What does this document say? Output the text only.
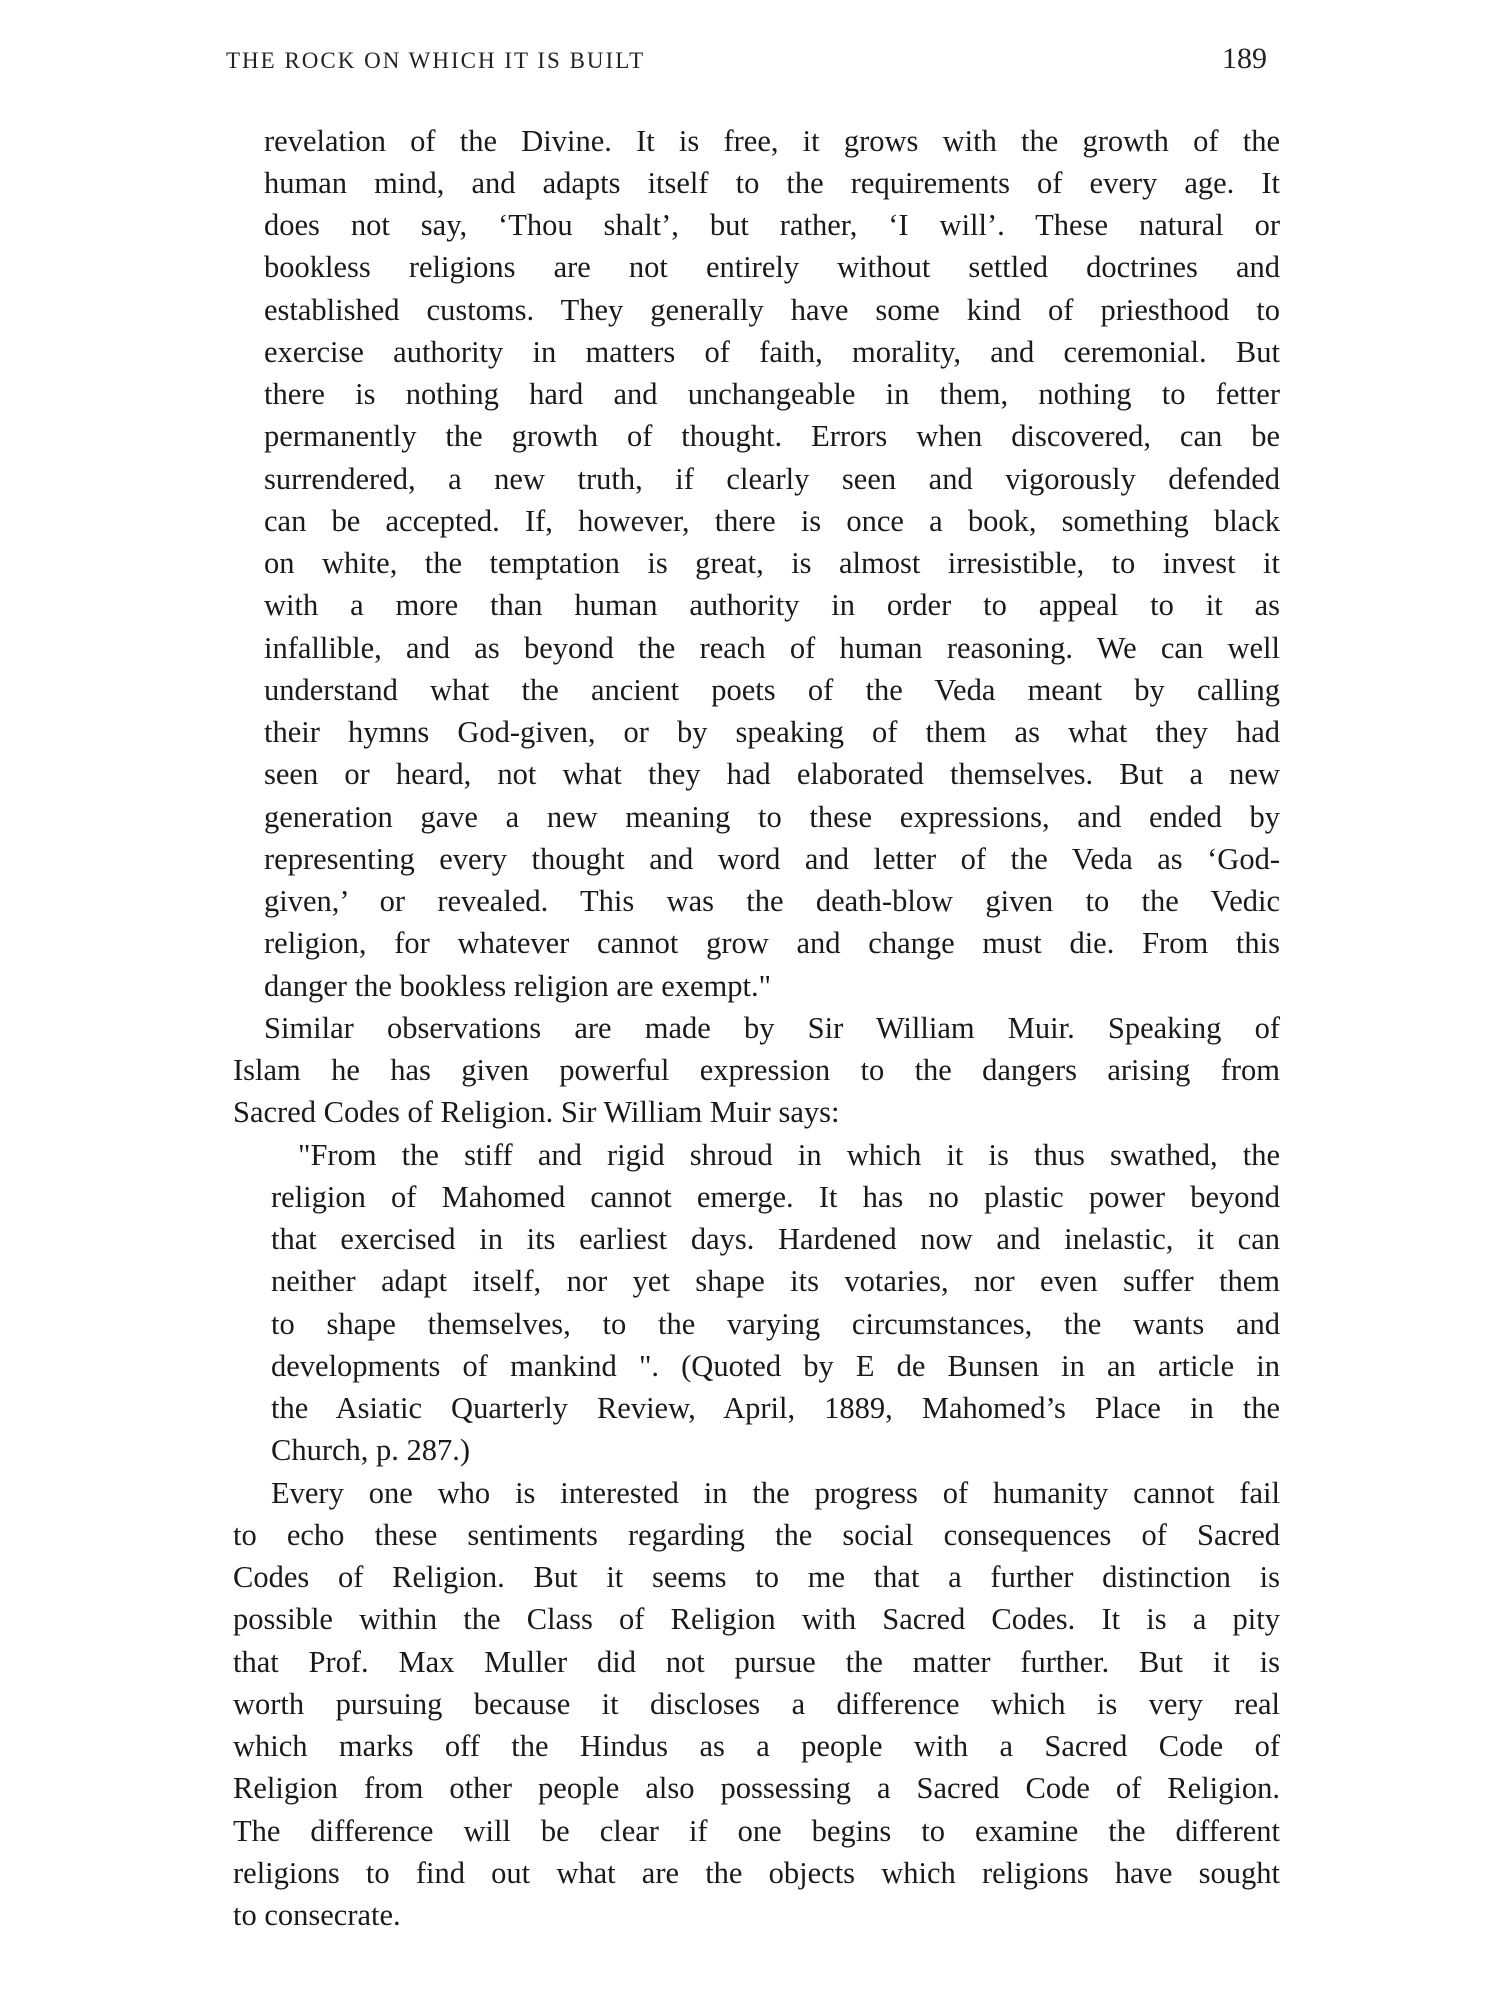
THE ROCK ON WHICH IT IS BUILT	189
revelation of the Divine. It is free, it grows with the growth of the
human mind, and adapts itself to the requirements of every age. It
does not say, ‘Thou shalt’, but rather, ‘I will’. These natural or
bookless religions are not entirely without settled doctrines and
established customs. They generally have some kind of priesthood to
exercise authority in matters of faith, morality, and ceremonial. But
there is nothing hard and unchangeable in them, nothing to fetter
permanently the growth of thought. Errors when discovered, can be
surrendered, a new truth, if clearly seen and vigorously defended
can be accepted. If, however, there is once a book, something black
on white, the temptation is great, is almost irresistible, to invest it
with a more than human authority in order to appeal to it as
infallible, and as beyond the reach of human reasoning. We can well
understand what the ancient poets of the Veda meant by calling
their hymns God-given, or by speaking of them as what they had
seen or heard, not what they had elaborated themselves. But a new
generation gave a new meaning to these expressions, and ended by
representing every thought and word and letter of the Veda as ‘God-
given,’ or revealed. This was the death-blow given to the Vedic
religion, for whatever cannot grow and change must die. From this
danger the bookless religion are exempt."
Similar observations are made by Sir William Muir. Speaking of
Islam he has given powerful expression to the dangers arising from
Sacred Codes of Religion. Sir William Muir says:
"From the stiff and rigid shroud in which it is thus swathed, the
religion of Mahomed cannot emerge. It has no plastic power beyond
that exercised in its earliest days. Hardened now and inelastic, it can
neither adapt itself, nor yet shape its votaries, nor even suffer them
to shape themselves, to the varying circumstances, the wants and
developments of mankind ". (Quoted by E de Bunsen in an article in
the Asiatic Quarterly Review, April, 1889, Mahomed’s Place in the
Church, p. 287.)
Every one who is interested in the progress of humanity cannot fail
to echo these sentiments regarding the social consequences of Sacred
Codes of Religion. But it seems to me that a further distinction is
possible within the Class of Religion with Sacred Codes. It is a pity
that Prof. Max Muller did not pursue the matter further. But it is
worth pursuing because it discloses a difference which is very real
which marks off the Hindus as a people with a Sacred Code of
Religion from other people also possessing a Sacred Code of Religion.
The difference will be clear if one begins to examine the different
religions to find out what are the objects which religions have sought
to consecrate.
